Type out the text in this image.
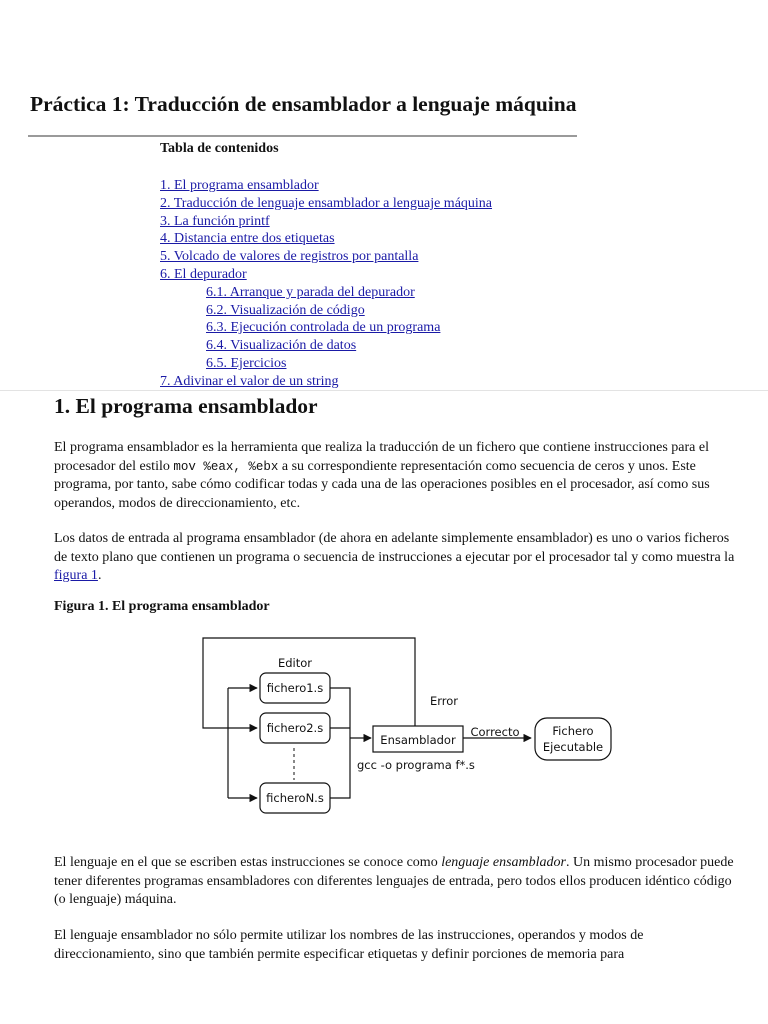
Práctica 1: Traducción de ensamblador a lenguaje máquina
Tabla de contenidos
1. El programa ensamblador
2. Traducción de lenguaje ensamblador a lenguaje máquina
3. La función printf
4. Distancia entre dos etiquetas
5. Volcado de valores de registros por pantalla
6. El depurador
6.1. Arranque y parada del depurador
6.2. Visualización de código
6.3. Ejecución controlada de un programa
6.4. Visualización de datos
6.5. Ejercicios
7. Adivinar el valor de un string
1. El programa ensamblador

El programa ensamblador es la herramienta que realiza la traducción de un fichero que contiene instrucciones para el procesador del estilo mov %eax, %ebx a su correspondiente representación como secuencia de ceros y unos. Este programa, por tanto, sabe cómo codificar todas y cada una de las operaciones posibles en el procesador, así como sus operandos, modos de direccionamiento, etc.

Los datos de entrada al programa ensamblador (de ahora en adelante simplemente ensamblador) es uno o varios ficheros de texto plano que contienen un programa o secuencia de instrucciones a ejecutar por el procesador tal y como muestra la figura 1.

Figura 1. El programa ensamblador
Editor
fichero1.s
fichero2.s
ficheroN.s
Ensamblador
Error
Correcto	Fichero
Ejecutable
gcc -o programa f*.s

El lenguaje en el que se escriben estas instrucciones se conoce como lenguaje ensamblador. Un mismo procesador puede tener diferentes programas ensambladores con diferentes lenguajes de entrada, pero todos ellos producen idéntico código (o lenguaje) máquina.

El lenguaje ensamblador no sólo permite utilizar los nombres de las instrucciones, operandos y modos de direccionamiento, sino que también permite especificar etiquetas y definir porciones de memoria para
